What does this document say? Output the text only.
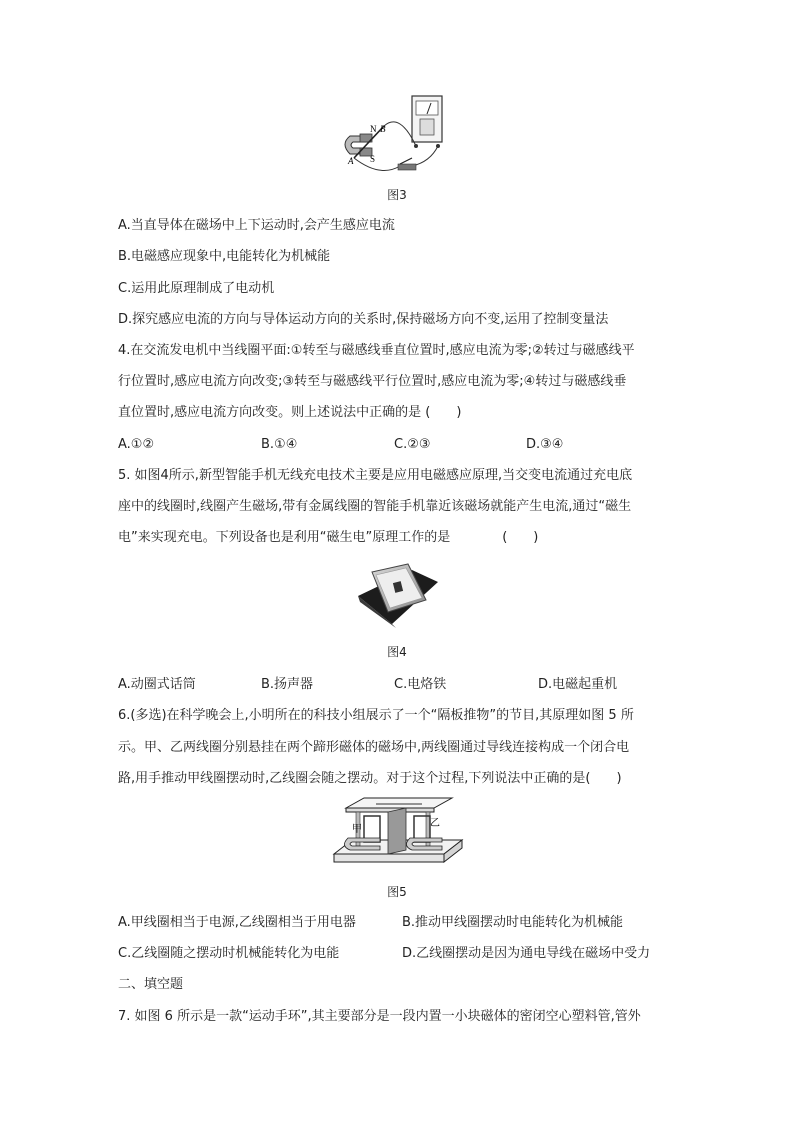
N B
A S
图3
A.当直导体在磁场中上下运动时,会产生感应电流
B.电磁感应现象中,电能转化为机械能
C.运用此原理制成了电动机
D.探究感应电流的方向与导体运动方向的关系时,保持磁场方向不变,运用了控制变量法
4.在交流发电机中当线圈平面:①转至与磁感线垂直位置时,感应电流为零;②转过与磁感线平
行位置时,感应电流方向改变;③转至与磁感线平行位置时,感应电流为零;④转过与磁感线垂
直位置时,感应电流方向改变。则上述说法中正确的是 (　　)
A.①②	B.①④	C.②③	D.③④
5. 如图4所示,新型智能手机无线充电技术主要是应用电磁感应原理,当交变电流通过充电底
座中的线圈时,线圈产生磁场,带有金属线圈的智能手机靠近该磁场就能产生电流,通过“磁生
电”来实现充电。下列设备也是利用“磁生电”原理工作的是　　　　(　　)
图4
A.动圈式话筒	B.扬声器	C.电烙铁	D.电磁起重机
6.(多选)在科学晚会上,小明所在的科技小组展示了一个“隔板推物”的节目,其原理如图 5 所
示。甲、乙两线圈分别悬挂在两个蹄形磁体的磁场中,两线圈通过导线连接构成一个闭合电
路,用手推动甲线圈摆动时,乙线圈会随之摆动。对于这个过程,下列说法中正确的是(　　)
甲
乙
图5
A.甲线圈相当于电源,乙线圈相当于用电器	B.推动甲线圈摆动时电能转化为机械能
C.乙线圈随之摆动时机械能转化为电能	D.乙线圈摆动是因为通电导线在磁场中受力
二、填空题
7. 如图 6 所示是一款“运动手环”,其主要部分是一段内置一小块磁体的密闭空心塑料管,管外
